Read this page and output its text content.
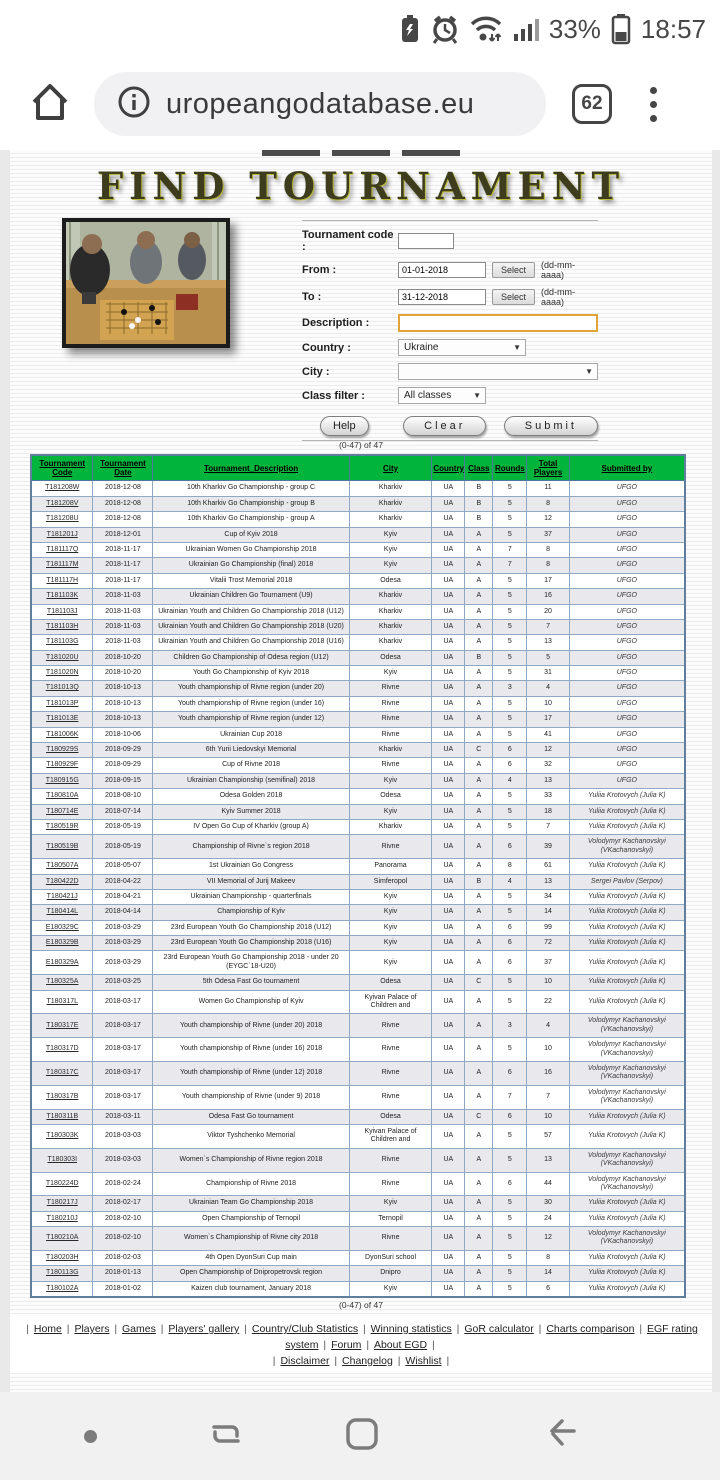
33% 18:57
uropeangodatabase.eu	62
FIND TOURNAMENT
Tournament code :
From :
01-01-2018	Select	(dd-mm-aaaa)
To :
31-12-2018	Select	(dd-mm-aaaa)
Description :
Country :	Ukraine	▼
City :	▼
Class filter :	All classes	▼
Help	Clear	Submit
(0-47) of 47
Tournament Code	Tournament Date	Tournament_Description	City	Country	Class	Rounds	Total Players	Submitted by
T181208W	2018-12-08	10th Kharkiv Go Championship - group C	Kharkiv	UA	B	5	11	UFGO
T181208V	2018-12-08	10th Kharkiv Go Championship - group B	Kharkiv	UA	B	5	8	UFGO
T181208U	2018-12-08	10th Kharkiv Go Championship - group A	Kharkiv	UA	B	5	12	UFGO
T181201J	2018-12-01	Cup of Kyiv 2018	Kyiv	UA	A	5	37	UFGO
T181117Q	2018-11-17	Ukrainian Women Go Championship 2018	Kyiv	UA	A	7	8	UFGO
T181117M	2018-11-17	Ukrainian Go Championship (final) 2018	Kyiv	UA	A	7	8	UFGO
T181117H	2018-11-17	Vitalii Trost Memorial 2018	Odesa	UA	A	5	17	UFGO
T181103K	2018-11-03	Ukrainian Children Go Tournament (U9)	Kharkiv	UA	A	5	16	UFGO
T181103J	2018-11-03	Ukrainian Youth and Children Go Championship 2018 (U12)	Kharkiv	UA	A	5	20	UFGO
T181103H	2018-11-03	Ukrainian Youth and Children Go Championship 2018 (U20)	Kharkiv	UA	A	5	7	UFGO
T181103G	2018-11-03	Ukrainian Youth and Children Go Championship 2018 (U16)	Kharkiv	UA	A	5	13	UFGO
T181020U	2018-10-20	Children Go Championship of Odesa region (U12)	Odesa	UA	B	5	5	UFGO
T181020N	2018-10-20	Youth Go Championship of Kyiv 2018	Kyiv	UA	A	5	31	UFGO
T181013Q	2018-10-13	Youth championship of Rivne region (under 20)	Rivne	UA	A	3	4	UFGO
T181013P	2018-10-13	Youth championship of Rivne region (under 16)	Rivne	UA	A	5	10	UFGO
T181013E	2018-10-13	Youth championship of Rivne region (under 12)	Rivne	UA	A	5	17	UFGO
T181006K	2018-10-06	Ukrainian Cup 2018	Rivne	UA	A	5	41	UFGO
T180929S	2018-09-29	6th Yurii Liedovskyi Memorial	Kharkiv	UA	C	6	12	UFGO
T180929F	2018-09-29	Cup of Rivne 2018	Rivne	UA	A	6	32	UFGO
T180915G	2018-09-15	Ukrainian Championship (semifinal) 2018	Kyiv	UA	A	4	13	UFGO
T180810A	2018-08-10	Odesa Golden 2018	Odesa	UA	A	5	33	Yuliia Krotovych (Julia K)
T180714E	2018-07-14	Kyiv Summer 2018	Kyiv	UA	A	5	18	Yuliia Krotovych (Julia K)
T180519R	2018-05-19	IV Open Go Cup of Kharkiv (group A)	Kharkiv	UA	A	5	7	Yuliia Krotovych (Julia K)
T180519B	2018-05-19	Championship of Rivne`s region 2018	Rivne	UA	A	6	39	Volodymyr Kachanovskyi (VKachanovskyi)
T180507A	2018-05-07	1st Ukrainian Go Congress	Panorama	UA	A	8	61	Yuliia Krotovych (Julia K)
T180422D	2018-04-22	VII Memorial of Jurij Makeev	Simferopol	UA	B	4	13	Sergei Pavlov (Serpov)
T180421J	2018-04-21	Ukrainian Championship - quarterfinals	Kyiv	UA	A	5	34	Yuliia Krotovych (Julia K)
T180414L	2018-04-14	Championship of Kyiv	Kyiv	UA	A	5	14	Yuliia Krotovych (Julia K)
E180329C	2018-03-29	23rd European Youth Go Championship 2018 (U12)	Kyiv	UA	A	6	99	Yuliia Krotovych (Julia K)
E180329B	2018-03-29	23rd European Youth Go Championship 2018 (U16)	Kyiv	UA	A	6	72	Yuliia Krotovych (Julia K)
E180329A	2018-03-29	23rd European Youth Go Championship 2018 - under 20 (EYGC`18-U20)	Kyiv	UA	A	6	37	Yuliia Krotovych (Julia K)
T180325A	2018-03-25	5th Odesa Fast Go tournament	Odesa	UA	C	5	10	Yuliia Krotovych (Julia K)
T180317L	2018-03-17	Women Go Championship of Kyiv	Kyivan Palace of Children and	UA	A	5	22	Yuliia Krotovych (Julia K)
T180317E	2018-03-17	Youth championship of Rivne (under 20) 2018	Rivne	UA	A	3	4	Volodymyr Kachanovskyi (VKachanovskyi)
T180317D	2018-03-17	Youth championship of Rivne (under 16) 2018	Rivne	UA	A	5	10	Volodymyr Kachanovskyi (VKachanovskyi)
T180317C	2018-03-17	Youth championship of Rivne (under 12) 2018	Rivne	UA	A	6	16	Volodymyr Kachanovskyi (VKachanovskyi)
T180317B	2018-03-17	Youth championship of Rivne (under 9) 2018	Rivne	UA	A	7	7	Volodymyr Kachanovskyi (VKachanovskyi)
T180311B	2018-03-11	Odesa Fast Go tournament	Odesa	UA	C	6	10	Yuliia Krotovych (Julia K)
T180303K	2018-03-03	Viktor Tyshchenko Memorial	Kyivan Palace of Children and	UA	A	5	57	Yuliia Krotovych (Julia K)
T180303I	2018-03-03	Women`s Championship of Rivne region 2018	Rivne	UA	A	5	13	Volodymyr Kachanovskyi (VKachanovskyi)
T180224D	2018-02-24	Championship of Rivne 2018	Rivne	UA	A	6	44	Volodymyr Kachanovskyi (VKachanovskyi)
T180217J	2018-02-17	Ukrainian Team Go Championship 2018	Kyiv	UA	A	5	30	Yuliia Krotovych (Julia K)
T180210J	2018-02-10	Open Championship of Ternopil	Ternopil	UA	A	5	24	Yuliia Krotovych (Julia K)
T180210A	2018-02-10	Women`s Championship of Rivne city 2018	Rivne	UA	A	5	12	Volodymyr Kachanovskyi (VKachanovskyi)
T180203H	2018-02-03	4th Open DyonSuri Cup main	DyonSuri school	UA	A	5	8	Yuliia Krotovych (Julia K)
T180113G	2018-01-13	Open Championship of Dnipropetrovsk region	Dnipro	UA	A	5	14	Yuliia Krotovych (Julia K)
T180102A	2018-01-02	Kaizen club tournament, January 2018	Kyiv	UA	A	5	6	Yuliia Krotovych (Julia K)
(0-47) of 47
| Home | Players | Games | Players' gallery | Country/Club Statistics | Winning statistics | GoR calculator | Charts comparison | EGF rating system | Forum | About EGD |
| Disclaimer | Changelog | Wishlist |
